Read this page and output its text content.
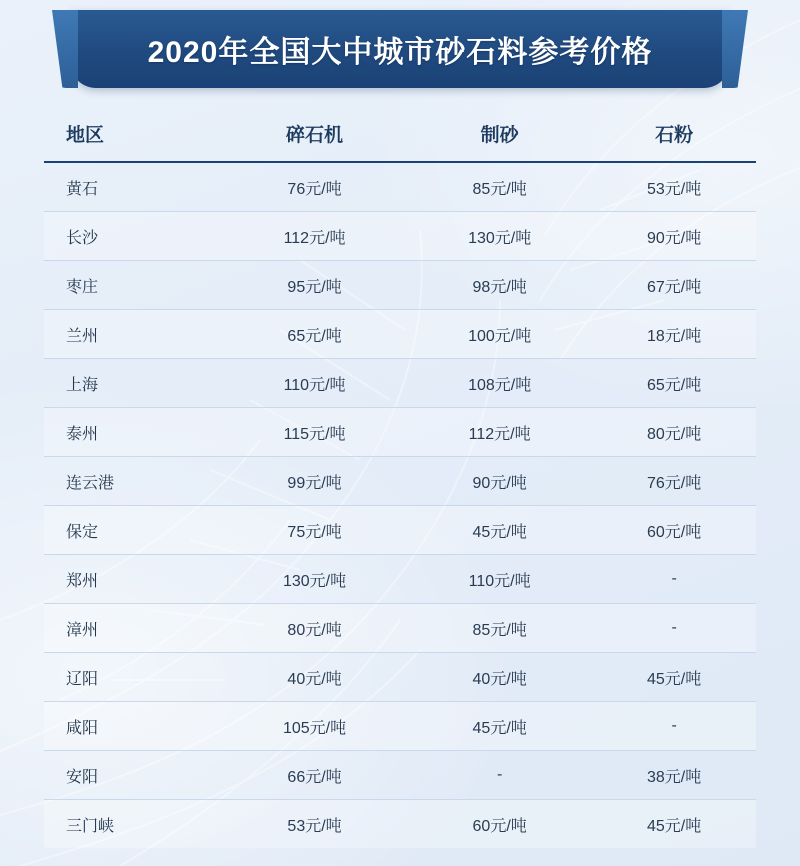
2020年全国大中城市砂石料参考价格
地区	碎石机	制砂	石粉
黄石	76元/吨	85元/吨	53元/吨
长沙	112元/吨	130元/吨	90元/吨
枣庄	95元/吨	98元/吨	67元/吨
兰州	65元/吨	100元/吨	18元/吨
上海	110元/吨	108元/吨	65元/吨
泰州	115元/吨	112元/吨	80元/吨
连云港	99元/吨	90元/吨	76元/吨
保定	75元/吨	45元/吨	60元/吨
郑州	130元/吨	110元/吨	-
漳州	80元/吨	85元/吨	-
辽阳	40元/吨	40元/吨	45元/吨
咸阳	105元/吨	45元/吨	-
安阳	66元/吨	-	38元/吨
三门峡	53元/吨	60元/吨	45元/吨
